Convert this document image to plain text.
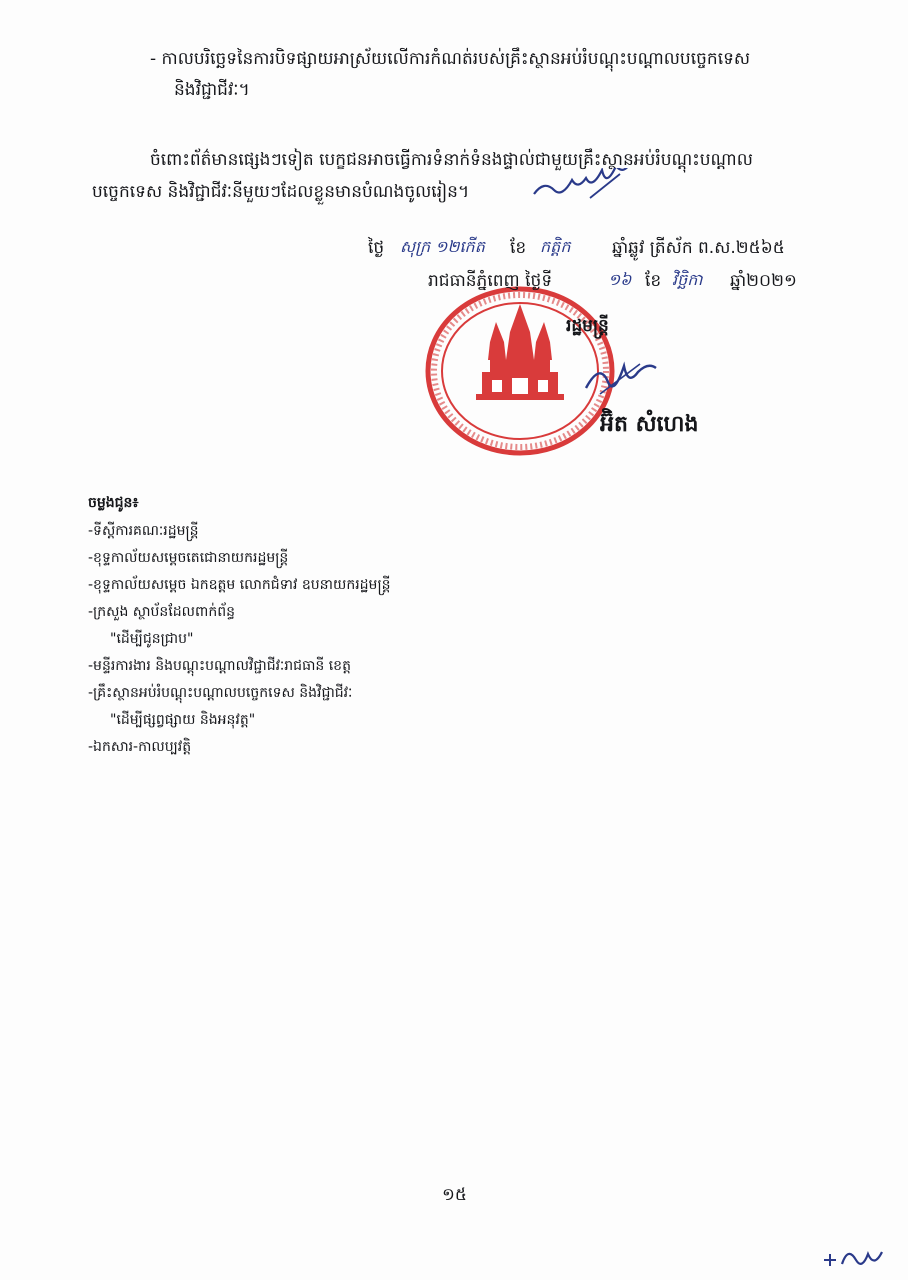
- កាលបរិច្ឆេទនៃការបិទផ្សាយអាស្រ័យលើការកំណត់របស់គ្រឹះស្ថានអប់រំបណ្តុះបណ្តាលបច្ចេកទេស
និងវិជ្ជាជីវៈ។
ចំពោះព័ត៌មានផ្សេងៗទៀត បេក្ខជនអាចធ្វើការទំនាក់ទំនងផ្ទាល់ជាមួយគ្រឹះស្ថានអប់រំបណ្តុះបណ្តាល
បច្ចេកទេស និងវិជ្ជាជីវៈនីមួយៗដែលខ្លួនមានបំណងចូលរៀន។
ថ្ងៃ សុក្រ ១២កើត ខែ កត្ដិក ឆ្នាំឆ្លូវ ត្រីស័ក ព.ស.២៥៦៥
រាជធានីភ្នំពេញ ថ្ងៃទី	១៦ ខែ វិច្ឆិកា ឆ្នាំ២០២១
រដ្ឋមន្ត្រី
អ៊ិត សំហេង
ចម្លងជូន៖
-ទីស្តីការគណៈរដ្ឋមន្ត្រី
-ខុទ្ទកាល័យសម្តេចតេជោនាយករដ្ឋមន្ត្រី
-ខុទ្ទកាល័យសម្តេច ឯកឧត្តម លោកជំទាវ ឧបនាយករដ្ឋមន្ត្រី
-ក្រសួង ស្ថាប័នដែលពាក់ព័ន្ធ
"ដើម្បីជូនជ្រាប"
-មន្ទីរការងារ និងបណ្តុះបណ្តាលវិជ្ជាជីវៈរាជធានី ខេត្ត
-គ្រឹះស្ថានអប់រំបណ្តុះបណ្តាលបច្ចេកទេស និងវិជ្ជាជីវៈ
"ដើម្បីផ្សព្វផ្សាយ និងអនុវត្ត"
-ឯកសារ-កាលប្បវត្តិ
១៥
